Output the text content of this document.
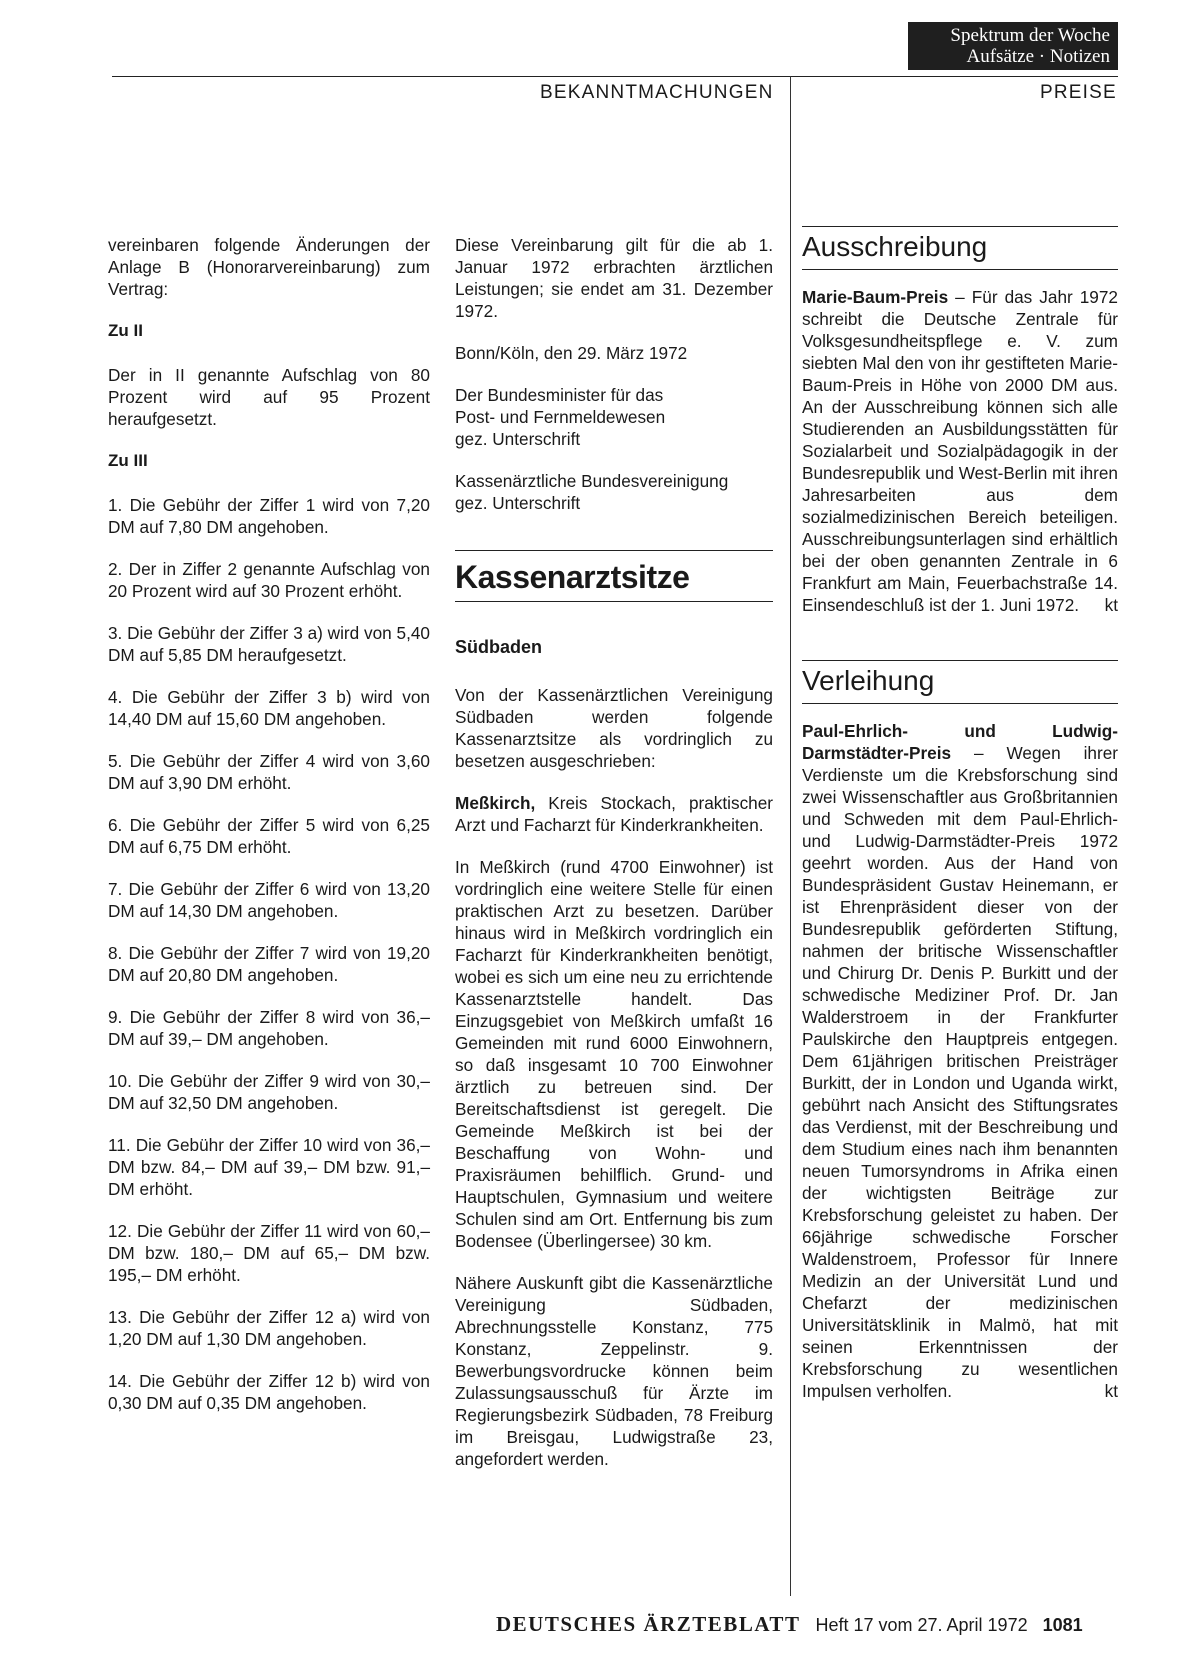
Spektrum der Woche
Aufsätze · Notizen
BEKANNTMACHUNGEN	PREISE

vereinbaren folgende Änderungen der Anlage B (Honorarvereinbarung) zum Vertrag:

Zu II

Der in II genannte Aufschlag von 80 Prozent wird auf 95 Prozent heraufgesetzt.

Zu III

1. Die Gebühr der Ziffer 1 wird von 7,20 DM auf 7,80 DM angehoben.

2. Der in Ziffer 2 genannte Aufschlag von 20 Prozent wird auf 30 Prozent erhöht.

3. Die Gebühr der Ziffer 3 a) wird von 5,40 DM auf 5,85 DM heraufgesetzt.

4. Die Gebühr der Ziffer 3 b) wird von 14,40 DM auf 15,60 DM angehoben.

5. Die Gebühr der Ziffer 4 wird von 3,60 DM auf 3,90 DM erhöht.

6. Die Gebühr der Ziffer 5 wird von 6,25 DM auf 6,75 DM erhöht.

7. Die Gebühr der Ziffer 6 wird von 13,20 DM auf 14,30 DM angehoben.

8. Die Gebühr der Ziffer 7 wird von 19,20 DM auf 20,80 DM angehoben.

9. Die Gebühr der Ziffer 8 wird von 36,– DM auf 39,– DM angehoben.

10. Die Gebühr der Ziffer 9 wird von 30,– DM auf 32,50 DM angehoben.

11. Die Gebühr der Ziffer 10 wird von 36,– DM bzw. 84,– DM auf 39,– DM bzw. 91,– DM erhöht.

12. Die Gebühr der Ziffer 11 wird von 60,– DM bzw. 180,– DM auf 65,– DM bzw. 195,– DM erhöht.

13. Die Gebühr der Ziffer 12 a) wird von 1,20 DM auf 1,30 DM angehoben.

14. Die Gebühr der Ziffer 12 b) wird von 0,30 DM auf 0,35 DM angehoben.

Diese Vereinbarung gilt für die ab 1. Januar 1972 erbrachten ärztlichen Leistungen; sie endet am 31. Dezember 1972.

Bonn/Köln, den 29. März 1972

Der Bundesminister für das
Post- und Fernmeldewesen
gez. Unterschrift

Kassenärztliche Bundesvereinigung
gez. Unterschrift

Kassenarztsitze
Südbaden

Von der Kassenärztlichen Vereinigung Südbaden werden folgende Kassenarztsitze als vordringlich zu besetzen ausgeschrieben:

Meßkirch, Kreis Stockach, praktischer Arzt und Facharzt für Kinderkrankheiten.

In Meßkirch (rund 4700 Einwohner) ist vordringlich eine weitere Stelle für einen praktischen Arzt zu besetzen. Darüber hinaus wird in Meßkirch vordringlich ein Facharzt für Kinderkrankheiten benötigt, wobei es sich um eine neu zu errichtende Kassenarztstelle handelt. Das Einzugsgebiet von Meßkirch umfaßt 16 Gemeinden mit rund 6000 Einwohnern, so daß insgesamt 10 700 Einwohner ärztlich zu betreuen sind. Der Bereitschaftsdienst ist geregelt. Die Gemeinde Meßkirch ist bei der Beschaffung von Wohn- und Praxisräumen behilflich. Grund- und Hauptschulen, Gymnasium und weitere Schulen sind am Ort. Entfernung bis zum Bodensee (Überlingersee) 30 km.

Nähere Auskunft gibt die Kassenärztliche Vereinigung Südbaden, Abrechnungsstelle Konstanz, 775 Konstanz, Zeppelinstr. 9. Bewerbungsvordrucke können beim Zulassungsausschuß für Ärzte im Regierungsbezirk Südbaden, 78 Freiburg im Breisgau, Ludwigstraße 23, angefordert werden.

Ausschreibung

Marie-Baum-Preis – Für das Jahr 1972 schreibt die Deutsche Zentrale für Volksgesundheitspflege e. V. zum siebten Mal den von ihr gestifteten Marie-Baum-Preis in Höhe von 2000 DM aus. An der Ausschreibung können sich alle Studierenden an Ausbildungsstätten für Sozialarbeit und Sozialpädagogik in der Bundesrepublik und West-Berlin mit ihren Jahresarbeiten aus dem sozialmedizinischen Bereich beteiligen. Ausschreibungsunterlagen sind erhältlich bei der oben genannten Zentrale in 6 Frankfurt am Main, Feuerbachstraße 14. Einsendeschluß ist der 1. Juni 1972. kt

Verleihung

Paul-Ehrlich- und Ludwig-Darmstädter-Preis – Wegen ihrer Verdienste um die Krebsforschung sind zwei Wissenschaftler aus Großbritannien und Schweden mit dem Paul-Ehrlich- und Ludwig-Darmstädter-Preis 1972 geehrt worden. Aus der Hand von Bundespräsident Gustav Heinemann, er ist Ehrenpräsident dieser von der Bundesrepublik geförderten Stiftung, nahmen der britische Wissenschaftler und Chirurg Dr. Denis P. Burkitt und der schwedische Mediziner Prof. Dr. Jan Walderstroem in der Frankfurter Paulskirche den Hauptpreis entgegen. Dem 61jährigen britischen Preisträger Burkitt, der in London und Uganda wirkt, gebührt nach Ansicht des Stiftungsrates das Verdienst, mit der Beschreibung und dem Studium eines nach ihm benannten neuen Tumorsyndroms in Afrika einen der wichtigsten Beiträge zur Krebsforschung geleistet zu haben. Der 66jährige schwedische Forscher Waldenstroem, Professor für Innere Medizin an der Universität Lund und Chefarzt der medizinischen Universitätsklinik in Malmö, hat mit seinen Erkenntnissen der Krebsforschung zu wesentlichen Impulsen verholfen.	kt

DEUTSCHES ÄRZTEBLATT Heft 17 vom 27. April 1972 1081
